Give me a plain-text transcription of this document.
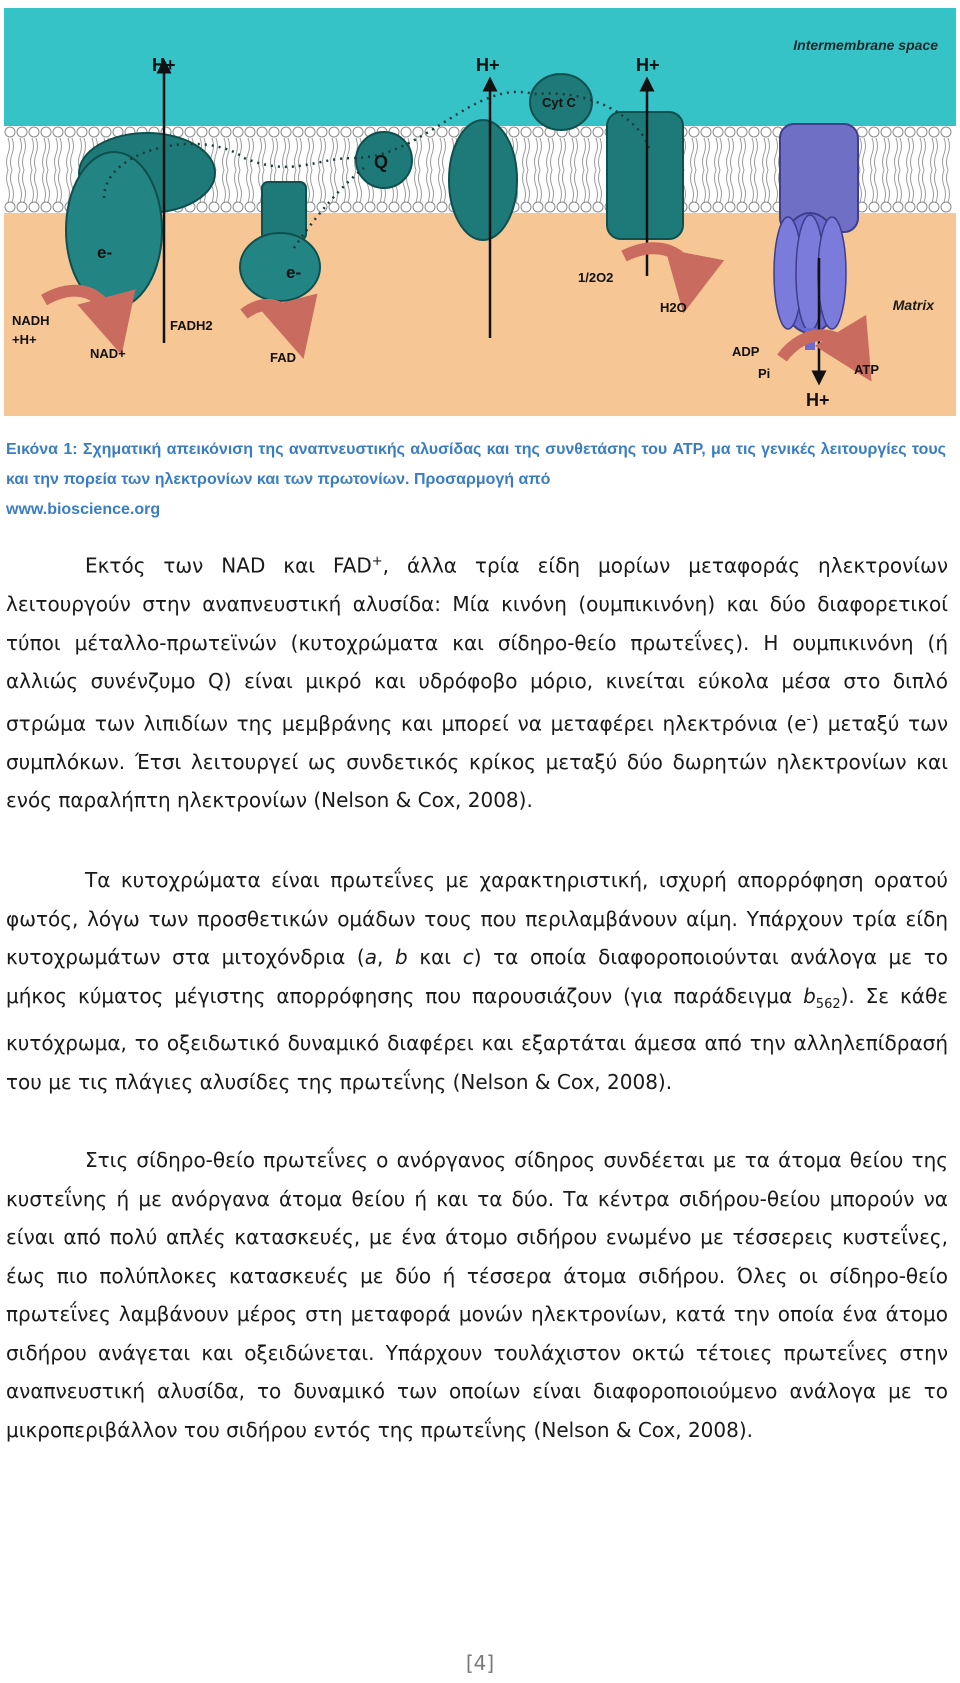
Intermembrane space
Matrix
H+	H+	H+
H+
Q
Cyt C
e-
e-
NADH
+H+
NAD+
FADH2
FAD
1/2O2
H2O
ADP
Pi	ATP

Εικόνα 1: Σχηματική απεικόνιση της αναπνευστικής αλυσίδας και της συνθετάσης του ATP, μα τις γενικές λειτουργίες τους και την πορεία των ηλεκτρονίων και των πρωτονίων. Προσαρμογή από
www.bioscience.org

Εκτός των NAD και FAD+, άλλα τρία είδη μορίων μεταφοράς ηλεκτρονίων λειτουργούν στην αναπνευστική αλυσίδα: Μία κινόνη (ουμπικινόνη) και δύο διαφορετικοί τύποι μέταλλο-πρωτεϊνών (κυτοχρώματα και σίδηρο-θείο πρωτεΐνες). Η ουμπικινόνη (ή αλλιώς συνένζυμο Q) είναι μικρό και υδρόφοβο μόριο, κινείται εύκολα μέσα στο διπλό στρώμα των λιπιδίων της μεμβράνης και μπορεί να μεταφέρει ηλεκτρόνια (e-) μεταξύ των συμπλόκων. Έτσι λειτουργεί ως συνδετικός κρίκος μεταξύ δύο δωρητών ηλεκτρονίων και ενός παραλήπτη ηλεκτρονίων (Nelson & Cox, 2008).

Τα κυτοχρώματα είναι πρωτεΐνες με χαρακτηριστική, ισχυρή απορρόφηση ορατού φωτός, λόγω των προσθετικών ομάδων τους που περιλαμβάνουν αίμη. Υπάρχουν τρία είδη κυτοχρωμάτων στα μιτοχόνδρια (a, b και c) τα οποία διαφοροποιούνται ανάλογα με το μήκος κύματος μέγιστης απορρόφησης που παρουσιάζουν (για παράδειγμα $b_{562}$). Σε κάθε κυτόχρωμα, το οξειδωτικό δυναμικό διαφέρει και εξαρτάται άμεσα από την αλληλεπίδρασή του με τις πλάγιες αλυσίδες της πρωτεΐνης (Nelson & Cox, 2008).

Στις σίδηρο-θείο πρωτεΐνες ο ανόργανος σίδηρος συνδέεται με τα άτομα θείου της κυστεΐνης ή με ανόργανα άτομα θείου ή και τα δύο. Τα κέντρα σιδήρου-θείου μπορούν να είναι από πολύ απλές κατασκευές, με ένα άτομο σιδήρου ενωμένο με τέσσερεις κυστεΐνες, έως πιο πολύπλοκες κατασκευές με δύο ή τέσσερα άτομα σιδήρου. Όλες οι σίδηρο-θείο πρωτεΐνες λαμβάνουν μέρος στη μεταφορά μονών ηλεκτρονίων, κατά την οποία ένα άτομο σιδήρου ανάγεται και οξειδώνεται. Υπάρχουν τουλάχιστον οκτώ τέτοιες πρωτεΐνες στην αναπνευστική αλυσίδα, το δυναμικό των οποίων είναι διαφοροποιούμενο ανάλογα με το μικροπεριβάλλον του σιδήρου εντός της πρωτεΐνης (Nelson & Cox, 2008).

[4]
